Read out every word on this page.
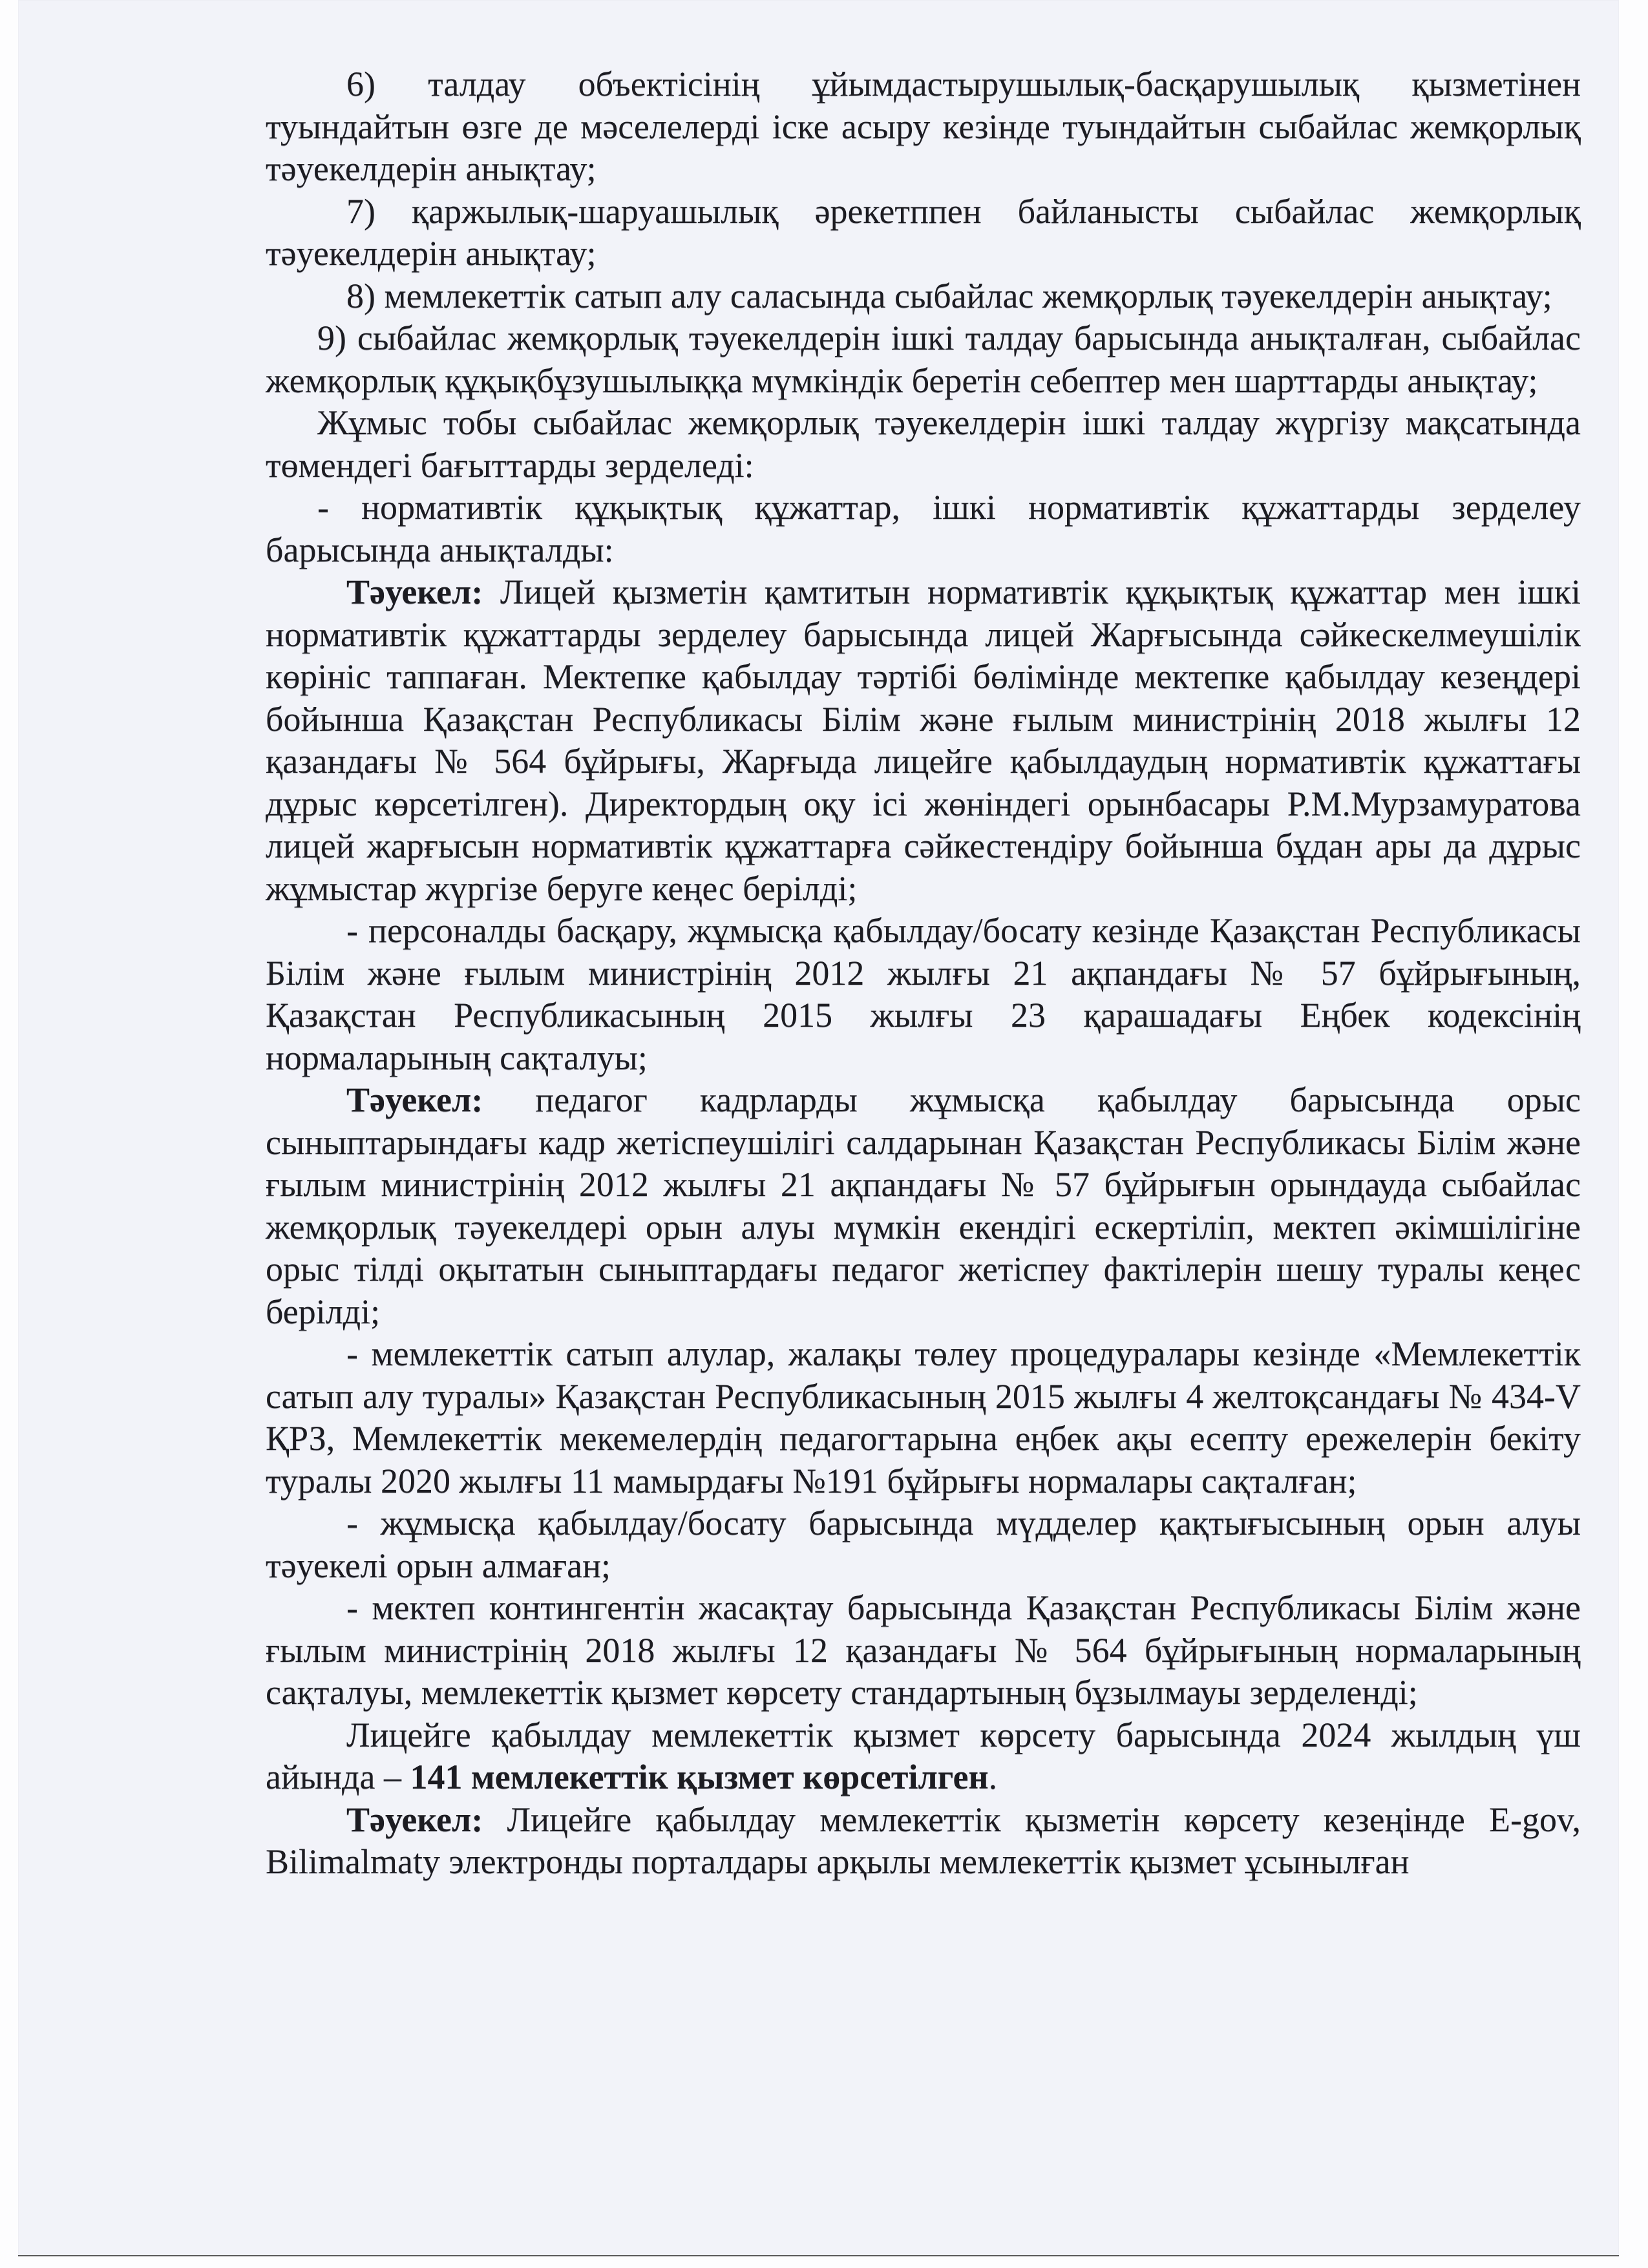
6) талдау объектісінің ұйымдастырушылық-басқарушылық қызметінен туындайтын өзге де мәселелерді іске асыру кезінде туындайтын сыбайлас жемқорлық тәуекелдерін анықтау;

7) қаржылық-шаруашылық әрекетппен байланысты сыбайлас жемқорлық тәуекелдерін анықтау;

8) мемлекеттік сатып алу саласында сыбайлас жемқорлық тәуекелдерін анықтау;

9) сыбайлас жемқорлық тәуекелдерін ішкі талдау барысында анықталған, сыбайлас жемқорлық құқықбұзушылыққа мүмкіндік беретін себептер мен шарттарды анықтау;

Жұмыс тобы сыбайлас жемқорлық тәуекелдерін ішкі талдау жүргізу мақсатында төмендегі бағыттарды зерделеді:

- нормативтік құқықтық құжаттар, ішкі нормативтік құжаттарды зерделеу барысында анықталды:

Тәуекел: Лицей қызметін қамтитын нормативтік құқықтық құжаттар мен ішкі нормативтік құжаттарды зерделеу барысында лицей Жарғысында сәйкескелмеушілік көрініс таппаған. Мектепке қабылдау тәртібі бөлімінде мектепке қабылдау кезеңдері бойынша Қазақстан Республикасы Білім және ғылым министрінің 2018 жылғы 12 қазандағы № 564 бұйрығы, Жарғыда лицейге қабылдаудың нормативтік құжаттағы дұрыс көрсетілген). Директордың оқу ісі жөніндегі орынбасары Р.М.Мурзамуратова лицей жарғысын нормативтік құжаттарға сәйкестендіру бойынша бұдан ары да дұрыс жұмыстар жүргізе беруге кеңес берілді;

- персоналды басқару, жұмысқа қабылдау/босату кезінде Қазақстан Республикасы Білім және ғылым министрінің 2012 жылғы 21 ақпандағы № 57 бұйрығының, Қазақстан Республикасының 2015 жылғы 23 қарашадағы Еңбек кодексінің нормаларының сақталуы;

Тәуекел: педагог кадрларды жұмысқа қабылдау барысында орыс сыныптарындағы кадр жетіспеушілігі салдарынан Қазақстан Республикасы Білім және ғылым министрінің 2012 жылғы 21 ақпандағы № 57 бұйрығын орындауда сыбайлас жемқорлық тәуекелдері орын алуы мүмкін екендігі ескертіліп, мектеп әкімшілігіне орыс тілді оқытатын сыныптардағы педагог жетіспеу фактілерін шешу туралы кеңес берілді;

- мемлекеттік сатып алулар, жалақы төлеу процедуралары кезінде «Мемлекеттік сатып алу туралы» Қазақстан Республикасының 2015 жылғы 4 желтоқсандағы № 434-V ҚРЗ, Мемлекеттік мекемелердің педагогтарына еңбек ақы есепту ережелерін бекіту туралы 2020 жылғы 11 мамырдағы №191 бұйрығы нормалары сақталған;

- жұмысқа қабылдау/босату барысында мүдделер қақтығысының орын алуы тәуекелі орын алмаған;

- мектеп контингентін жасақтау барысында Қазақстан Республикасы Білім және ғылым министрінің 2018 жылғы 12 қазандағы № 564 бұйрығының нормаларының сақталуы, мемлекеттік қызмет көрсету стандартының бұзылмауы зерделенді;

Лицейге қабылдау мемлекеттік қызмет көрсету барысында 2024 жылдың үш айында – 141 мемлекеттік қызмет көрсетілген.

Тәуекел: Лицейге қабылдау мемлекеттік қызметін көрсету кезеңінде E-gov, Bilimalmaty электронды порталдары арқылы мемлекеттік қызмет ұсынылған
